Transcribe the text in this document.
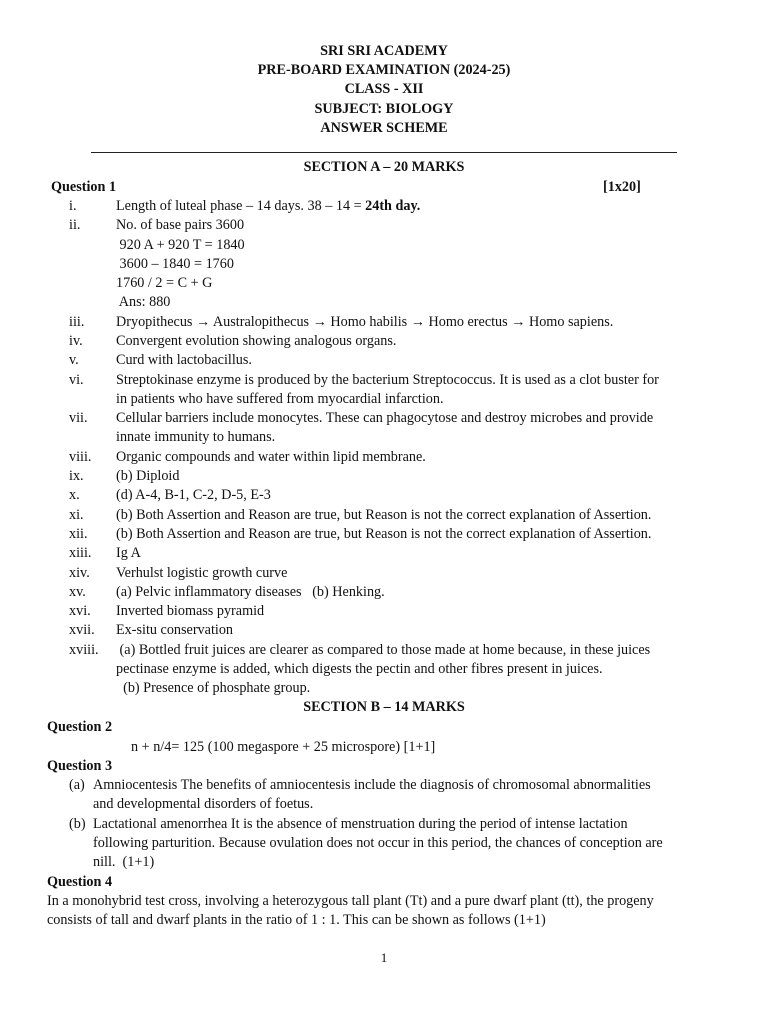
SRI SRI ACADEMY
PRE-BOARD EXAMINATION (2024-25)
CLASS - XII
SUBJECT: BIOLOGY
ANSWER SCHEME
SECTION A – 20 MARKS
Question 1	[1x20]
i.	Length of luteal phase – 14 days. 38 – 14 = 24th day.
ii.	No. of base pairs 3600
920 A + 920 T = 1840
3600 – 1840 = 1760
1760 / 2 = C + G
Ans: 880
iii. Dryopithecus → Australopithecus → Homo habilis → Homo erectus → Homo sapiens.
iv. Convergent evolution showing analogous organs.
v.	Curd with lactobacillus.
vi. Streptokinase enzyme is produced by the bacterium Streptococcus. It is used as a clot buster for
in patients who have suffered from myocardial infarction.
vii. Cellular barriers include monocytes. These can phagocytose and destroy microbes and provide
innate immunity to humans.
viii. Organic compounds and water within lipid membrane.
ix. (b) Diploid
x.	(d) A-4, B-1, C-2, D-5, E-3
xi. (b) Both Assertion and Reason are true, but Reason is not the correct explanation of Assertion.
xii. (b) Both Assertion and Reason are true, but Reason is not the correct explanation of Assertion.
xiii. Ig A
xiv. Verhulst logistic growth curve
xv. (a) Pelvic inflammatory diseases   (b) Henking.
xvi. Inverted biomass pyramid
xvii. Ex-situ conservation
xviii. (a) Bottled fruit juices are clearer as compared to those made at home because, in these juices
pectinase enzyme is added, which digests the pectin and other fibres present in juices.
(b) Presence of phosphate group.
SECTION B – 14 MARKS
Question 2
n + n/4= 125 (100 megaspore + 25 microspore) [1+1]
Question 3
(a) Amniocentesis The benefits of amniocentesis include the diagnosis of chromosomal abnormalities
and developmental disorders of foetus.
(b) Lactational amenorrhea It is the absence of menstruation during the period of intense lactation
following parturition. Because ovulation does not occur in this period, the chances of conception are
nill.  (1+1)
Question 4
In a monohybrid test cross, involving a heterozygous tall plant (Tt) and a pure dwarf plant (tt), the progeny
consists of tall and dwarf plants in the ratio of 1 : 1. This can be shown as follows (1+1)
1
